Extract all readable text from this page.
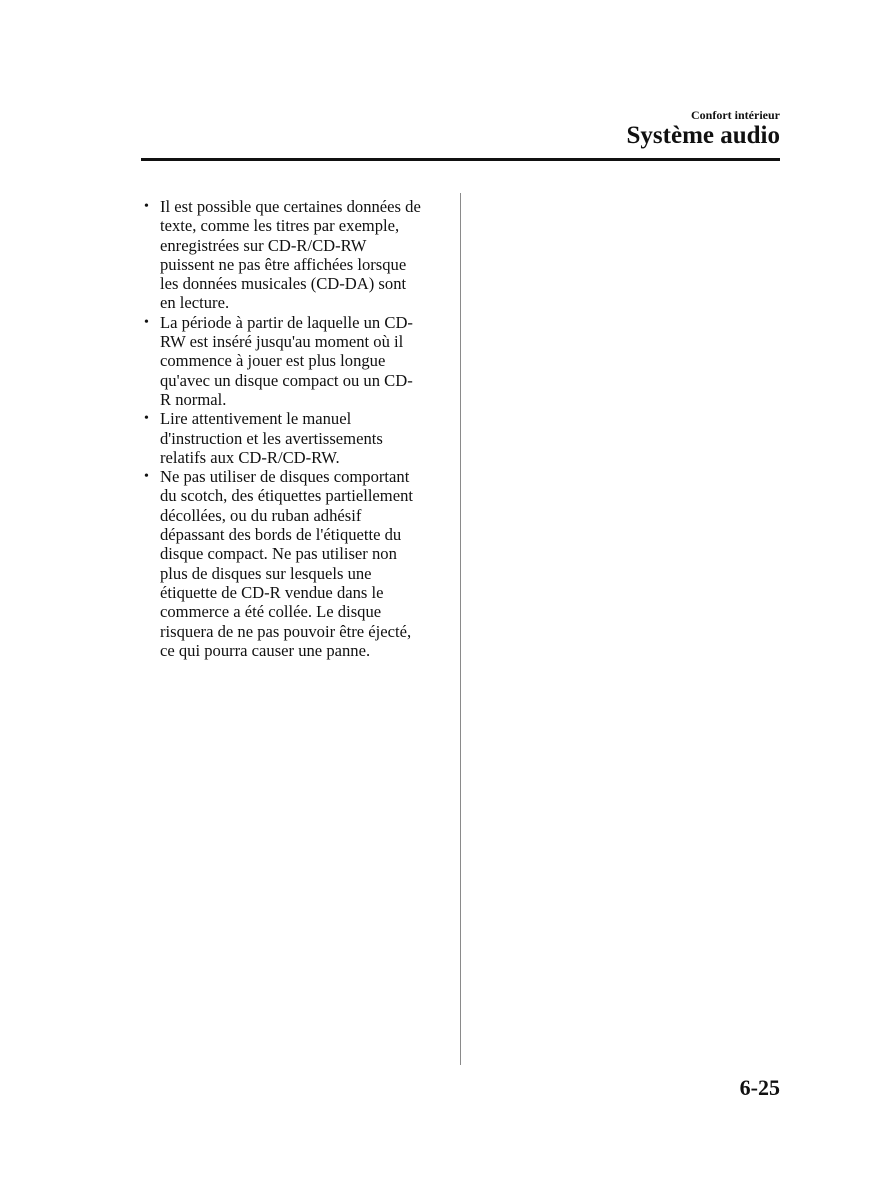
Confort intérieur
Système audio
• Il est possible que certaines données de
texte, comme les titres par exemple,
enregistrées sur CD-R/CD-RW
puissent ne pas être affichées lorsque
les données musicales (CD-DA) sont
en lecture.
• La période à partir de laquelle un CD-
RW est inséré jusqu'au moment où il
commence à jouer est plus longue
qu'avec un disque compact ou un CD-
R normal.
• Lire attentivement le manuel
d'instruction et les avertissements
relatifs aux CD-R/CD-RW.
• Ne pas utiliser de disques comportant
du scotch, des étiquettes partiellement
décollées, ou du ruban adhésif
dépassant des bords de l'étiquette du
disque compact. Ne pas utiliser non
plus de disques sur lesquels une
étiquette de CD-R vendue dans le
commerce a été collée. Le disque
risquera de ne pas pouvoir être éjecté,
ce qui pourra causer une panne.
6-25
